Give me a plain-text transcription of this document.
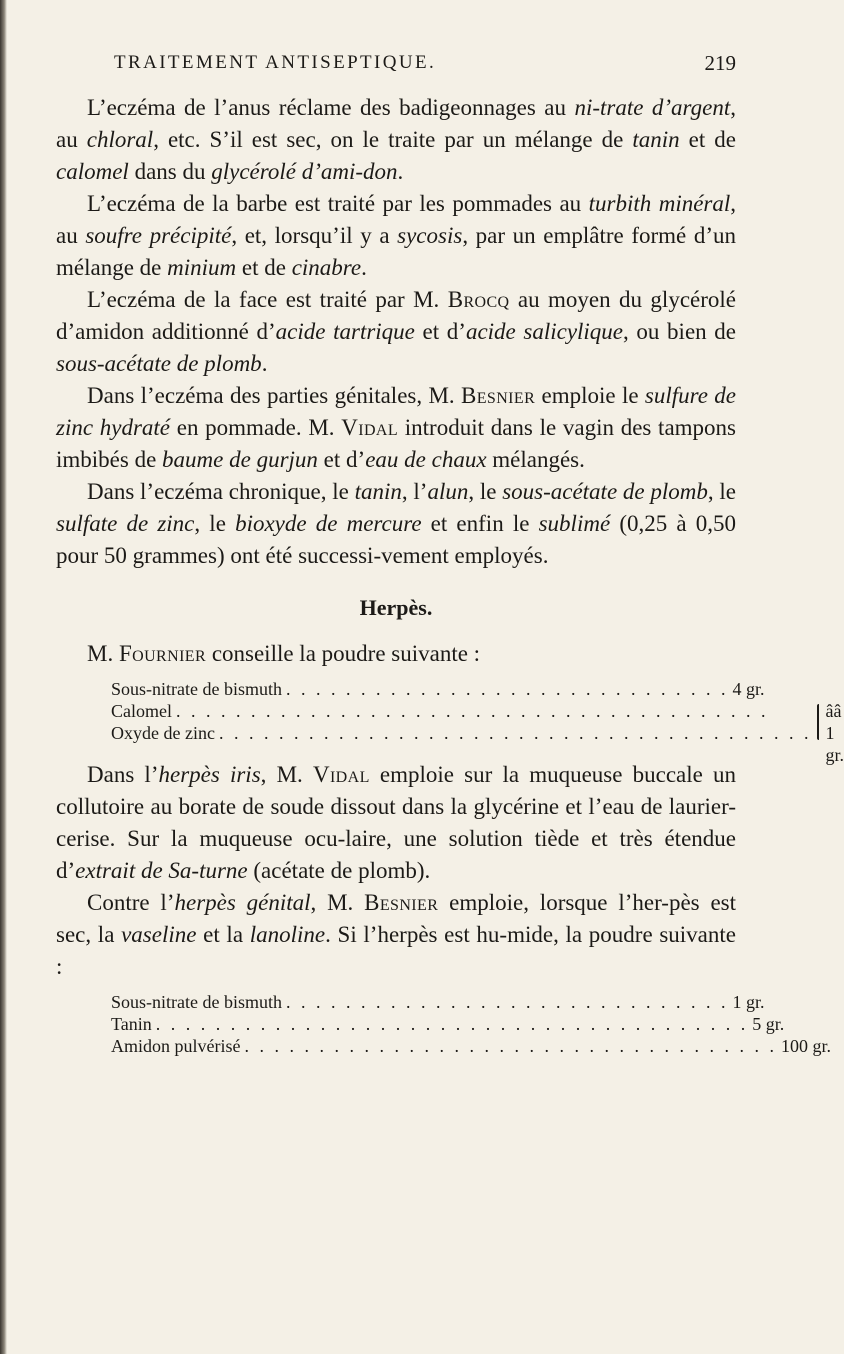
TRAITEMENT ANTISEPTIQUE.	219

L’eczéma de l’anus réclame des badigeonnages au ni-trate d’argent, au chloral, etc. S’il est sec, on le traite par un mélange de tanin et de calomel dans du glycérolé d’ami-don.

L’eczéma de la barbe est traité par les pommades au turbith minéral, au soufre précipité, et, lorsqu’il y a sycosis, par un emplâtre formé d’un mélange de minium et de cinabre.

L’eczéma de la face est traité par M. Brocq au moyen du glycérolé d’amidon additionné d’acide tartrique et d’acide salicylique, ou bien de sous-acétate de plomb.

Dans l’eczéma des parties génitales, M. Besnier emploie le sulfure de zinc hydraté en pommade. M. Vidal introduit dans le vagin des tampons imbibés de baume de gurjun et d’eau de chaux mélangés.

Dans l’eczéma chronique, le tanin, l’alun, le sous-acétate de plomb, le sulfate de zinc, le bioxyde de mercure et enfin le sublimé (0,25 à 0,50 pour 50 grammes) ont été successi-vement employés.

Herpès.

M. Fournier conseille la poudre suivante :

Sous-nitrate de bismuth . . . . . . . . . . . . . . . . . . . . . . . . . . . . . . 4 gr.
Calomel . . . . . . . . . . . . . . . . . . . . . . . . . . . . . . . . . . . . . . . .
Oxyde de zinc . . . . . . . . . . . . . . . . . . . . . . . . . . . . . . . . . . . . . . . .
ââ
1 gr.

Dans l’herpès iris, M. Vidal emploie sur la muqueuse buccale un collutoire au borate de soude dissout dans la glycérine et l’eau de laurier-cerise. Sur la muqueuse ocu-laire, une solution tiède et très étendue d’extrait de Sa-turne (acétate de plomb).

Contre l’herpès génital, M. Besnier emploie, lorsque l’her-pès est sec, la vaseline et la lanoline. Si l’herpès est hu-mide, la poudre suivante :

Sous-nitrate de bismuth . . . . . . . . . . . . . . . . . . . . . . . . . . . . . . 1 gr.
Tanin . . . . . . . . . . . . . . . . . . . . . . . . . . . . . . . . . . . . . . . . 5 gr.
Amidon pulvérisé . . . . . . . . . . . . . . . . . . . . . . . . . . . . . . . . . . . . 100 gr.
